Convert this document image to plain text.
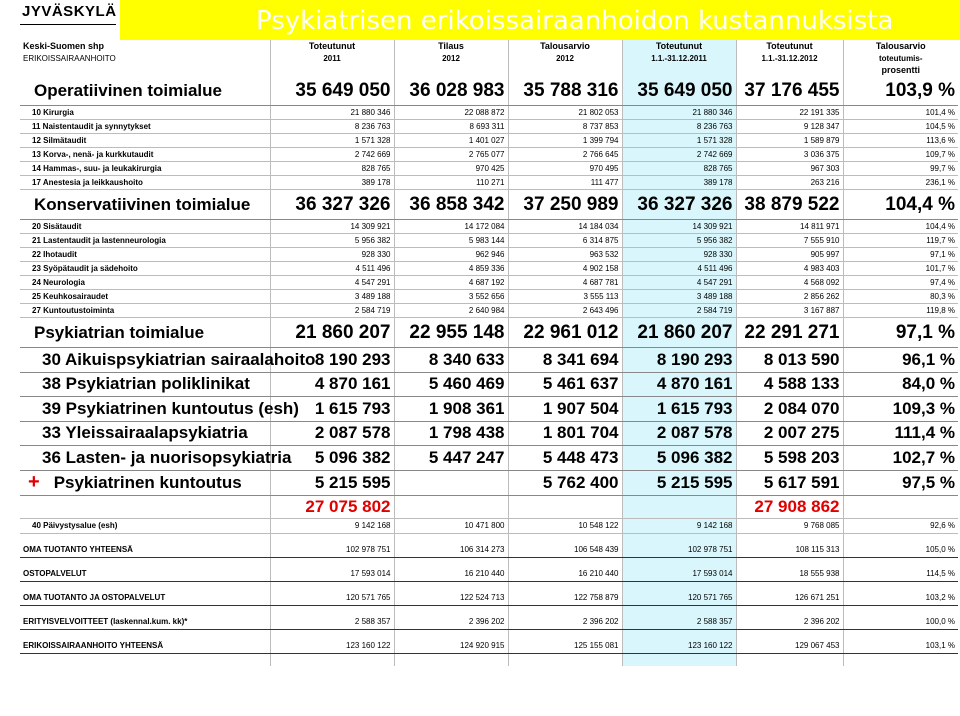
Psykiatrisen erikoissairaanhoidon kustannuksista
JYVÄSKYLÄ
Keski-Suomen shp	Toteutunut	Tilaus	Talousarvio	Toteutunut	Toteutunut	Talousarvio
ERIKOISSAIRAANHOITO	2011	2012	2012	1.1.-31.12.2011	1.1.-31.12.2012	toteutumis-
						prosentti
Operatiivinen toimialue	35 649 050	36 028 983	35 788 316	35 649 050	37 176 455	103,9 %
10 Kirurgia	21 880 346	22 088 872	21 802 053	21 880 346	22 191 335	101,4 %
11 Naistentaudit ja synnytykset	8 236 763	8 693 311	8 737 853	8 236 763	9 128 347	104,5 %
12 Silmätaudit	1 571 328	1 401 027	1 399 794	1 571 328	1 589 879	113,6 %
13 Korva-, nenä- ja kurkkutaudit	2 742 669	2 765 077	2 766 645	2 742 669	3 036 375	109,7 %
14 Hammas-, suu- ja leukakirurgia	828 765	970 425	970 495	828 765	967 303	99,7 %
17 Anestesia ja leikkaushoito	389 178	110 271	111 477	389 178	263 216	236,1 %
Konservatiivinen toimialue	36 327 326	36 858 342	37 250 989	36 327 326	38 879 522	104,4 %
20 Sisätaudit	14 309 921	14 172 084	14 184 034	14 309 921	14 811 971	104,4 %
21 Lastentaudit ja lastenneurologia	5 956 382	5 983 144	6 314 875	5 956 382	7 555 910	119,7 %
22 Ihotaudit	928 330	962 946	963 532	928 330	905 997	97,1 %
23 Syöpätaudit ja sädehoito	4 511 496	4 859 336	4 902 158	4 511 496	4 983 403	101,7 %
24 Neurologia	4 547 291	4 687 192	4 687 781	4 547 291	4 568 092	97,4 %
25 Keuhkosairaudet	3 489 188	3 552 656	3 555 113	3 489 188	2 856 262	80,3 %
27 Kuntoutustoiminta	2 584 719	2 640 984	2 643 496	2 584 719	3 167 887	119,8 %
Psykiatrian toimialue	21 860 207	22 955 148	22 961 012	21 860 207	22 291 271	97,1 %
30 Aikuispsykiatrian sairaalahoito	8 190 293	8 340 633	8 341 694	8 190 293	8 013 590	96,1 %
38 Psykiatrian poliklinikat	4 870 161	5 460 469	5 461 637	4 870 161	4 588 133	84,0 %
39 Psykiatrinen kuntoutus (esh)	1 615 793	1 908 361	1 907 504	1 615 793	2 084 070	109,3 %
33 Yleissairaalapsykiatria	2 087 578	1 798 438	1 801 704	2 087 578	2 007 275	111,4 %
36 Lasten- ja nuorisopsykiatria	5 096 382	5 447 247	5 448 473	5 096 382	5 598 203	102,7 %
+ Psykiatrinen kuntoutus	5 215 595		5 762 400	5 215 595	5 617 591	97,5 %
	27 075 802				27 908 862	
40 Päivystysalue (esh)	9 142 168	10 471 800	10 548 122	9 142 168	9 768 085	92,6 %

OMA TUOTANTO YHTEENSÄ	102 978 751	106 314 273	106 548 439	102 978 751	108 115 313	105,0 %

OSTOPALVELUT	17 593 014	16 210 440	16 210 440	17 593 014	18 555 938	114,5 %

OMA TUOTANTO JA OSTOPALVELUT	120 571 765	122 524 713	122 758 879	120 571 765	126 671 251	103,2 %

ERITYISVELVOITTEET (laskennal.kum. kk)*	2 588 357	2 396 202	2 396 202	2 588 357	2 396 202	100,0 %

ERIKOISSAIRAANHOITO YHTEENSÄ	123 160 122	124 920 915	125 155 081	123 160 122	129 067 453	103,1 %
